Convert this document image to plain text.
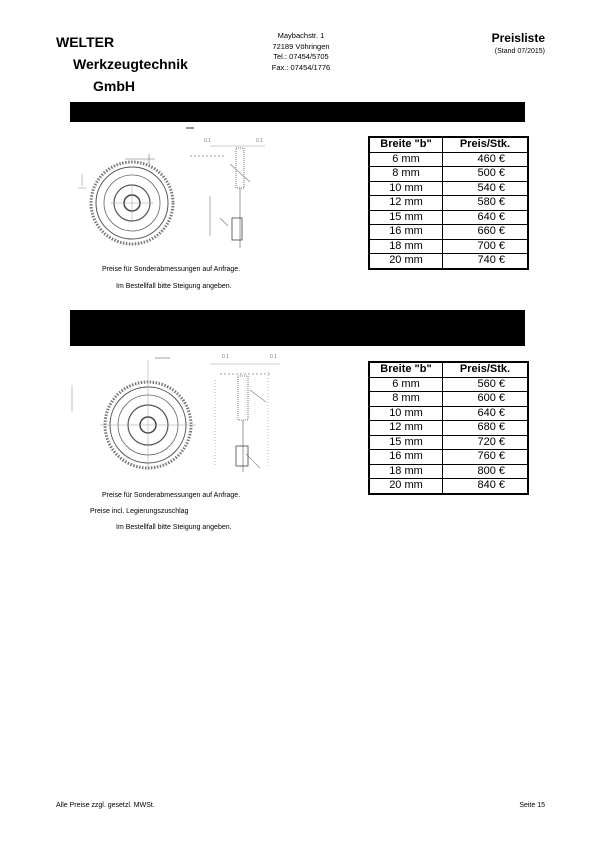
WELTER
Werkzeugtechnik
GmbH
Maybachstr. 1
72189 Vöhringen
Tel.: 07454/5705
Fax.: 07454/1776
Preisliste
(Stand 07/2015)
0.1
0.1
Preise für Sonderabmessungen auf Anfrage.
Im Bestellfall bitte Steigung angeben.
Breite "b"	Preis/Stk.
6 mm	460 €
8 mm	500 €
10 mm	540 €
12 mm	580 €
15 mm	640 €
16 mm	660 €
18 mm	700 €
20 mm	740 €
0.1	0.1
Preise für Sonderabmessungen auf Anfrage.
Preise incl. Legierungszuschlag
Im Bestellfall bitte Steigung angeben.
Breite "b"	Preis/Stk.
6 mm	560 €
8 mm	600 €
10 mm	640 €
12 mm	680 €
15 mm	720 €
16 mm	760 €
18 mm	800 €
20 mm	840 €
Alle Preise zzgl. gesetzl. MWSt.	Seite 15
